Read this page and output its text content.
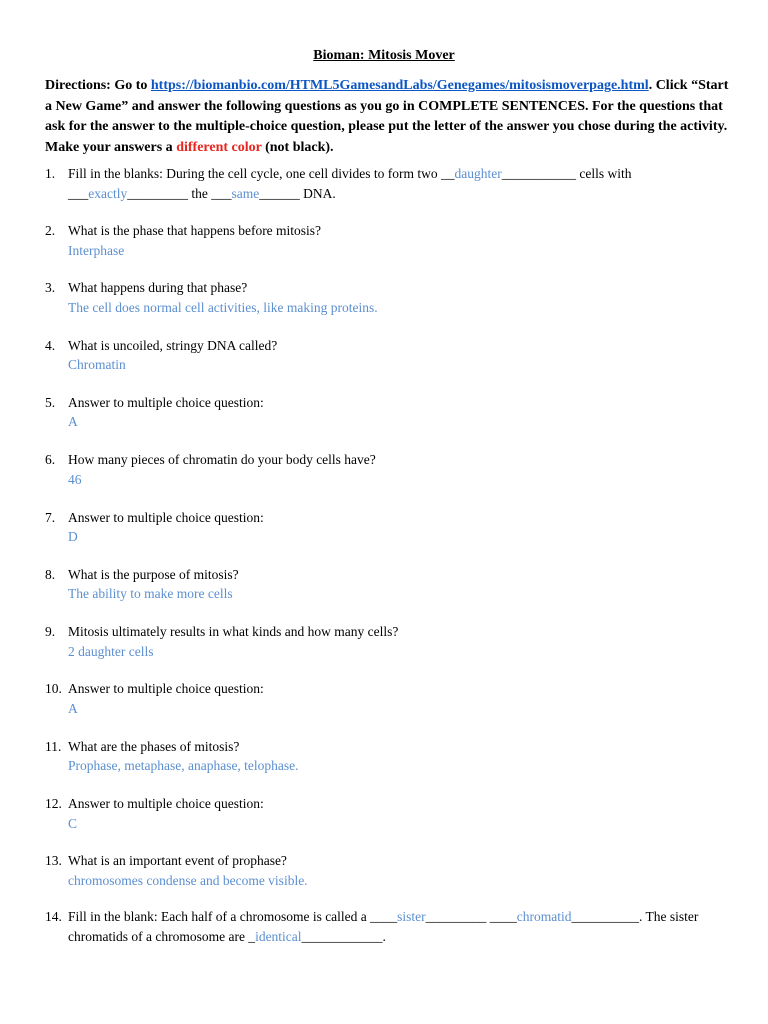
Bioman: Mitosis Mover
Directions: Go to https://biomanbio.com/HTML5GamesandLabs/Genegames/mitosismoverpage.html. Click “Start a New Game” and answer the following questions as you go in COMPLETE SENTENCES. For the questions that ask for the answer to the multiple-choice question, please put the letter of the answer you chose during the activity. Make your answers a different color (not black).
1. Fill in the blanks: During the cell cycle, one cell divides to form two __daughter___________ cells with ___exactly_________ the ___same______ DNA.
2. What is the phase that happens before mitosis?
Interphase
3. What happens during that phase?
The cell does normal cell activities, like making proteins.
4. What is uncoiled, stringy DNA called?
Chromatin
5. Answer to multiple choice question:
A
6. How many pieces of chromatin do your body cells have?
46
7. Answer to multiple choice question:
D
8. What is the purpose of mitosis?
The ability to make more cells
9. Mitosis ultimately results in what kinds and how many cells?
2 daughter cells
10. Answer to multiple choice question:
A
11. What are the phases of mitosis?
Prophase, metaphase, anaphase, telophase.
12. Answer to multiple choice question:
C
13. What is an important event of prophase?
chromosomes condense and become visible.
14. Fill in the blank: Each half of a chromosome is called a ____sister_________ ____chromatid__________. The sister chromatids of a chromosome are _identical____________.
